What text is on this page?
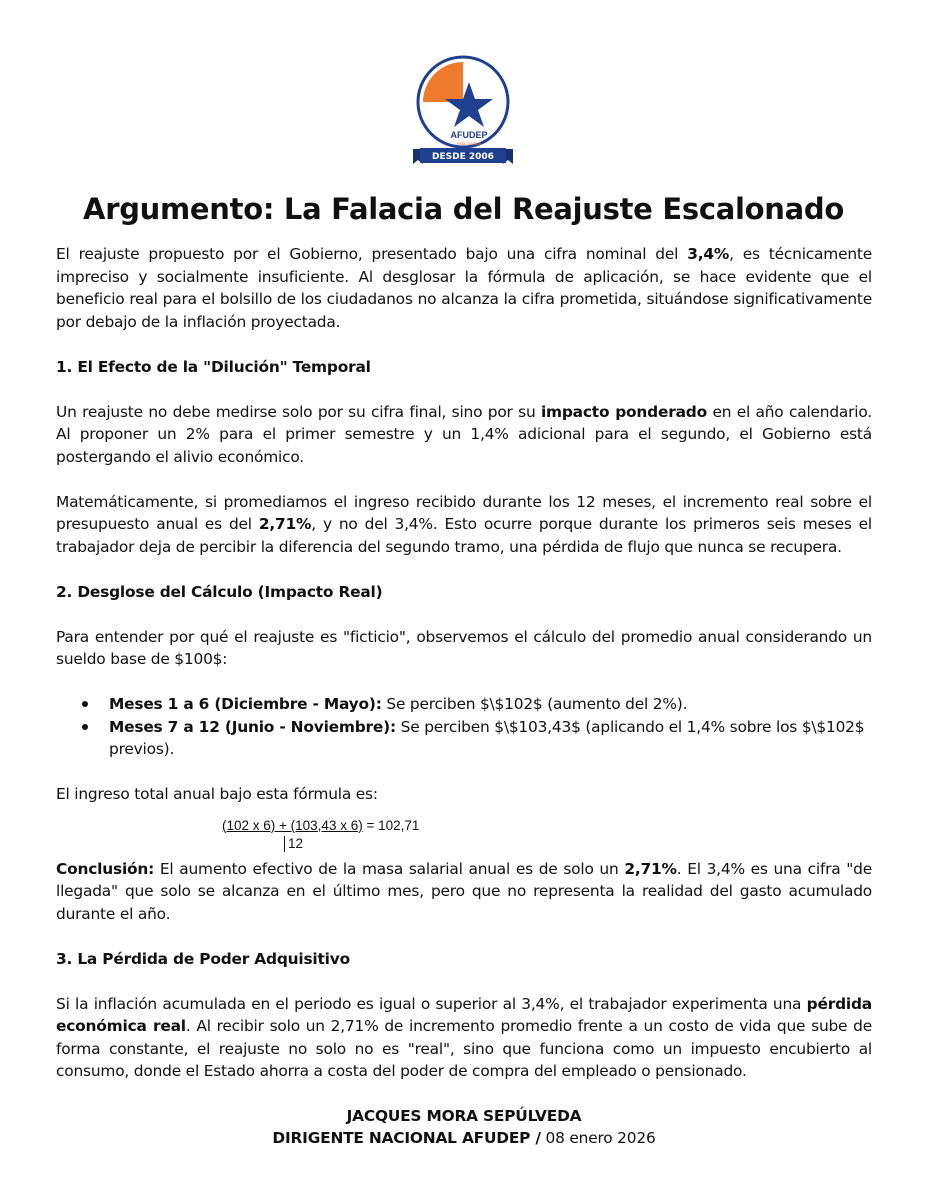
AFUDEP
está contigo
DESDE 2006
Argumento: La Falacia del Reajuste Escalonado

El reajuste propuesto por el Gobierno, presentado bajo una cifra nominal del 3,4%, es técnicamente impreciso y socialmente insuficiente. Al desglosar la fórmula de aplicación, se hace evidente que el beneficio real para el bolsillo de los ciudadanos no alcanza la cifra prometida, situándose significativamente por debajo de la inflación proyectada.

1. El Efecto de la "Dilución" Temporal

Un reajuste no debe medirse solo por su cifra final, sino por su impacto ponderado en el año calendario. Al proponer un 2% para el primer semestre y un 1,4% adicional para el segundo, el Gobierno está postergando el alivio económico.

Matemáticamente, si promediamos el ingreso recibido durante los 12 meses, el incremento real sobre el presupuesto anual es del 2,71%, y no del 3,4%. Esto ocurre porque durante los primeros seis meses el trabajador deja de percibir la diferencia del segundo tramo, una pérdida de flujo que nunca se recupera.

2. Desglose del Cálculo (Impacto Real)

Para entender por qué el reajuste es "ficticio", observemos el cálculo del promedio anual considerando un sueldo base de $100$:

Meses 1 a 6 (Diciembre - Mayo): Se perciben $\$102$ (aumento del 2%).
Meses 7 a 12 (Junio - Noviembre): Se perciben $\$103,43$ (aplicando el 1,4% sobre los $\$102$ previos).

El ingreso total anual bajo esta fórmula es:

(102 x 6) + (103,43 x 6) = 102,71
12

Conclusión: El aumento efectivo de la masa salarial anual es de solo un 2,71%. El 3,4% es una cifra "de llegada" que solo se alcanza en el último mes, pero que no representa la realidad del gasto acumulado durante el año.

3. La Pérdida de Poder Adquisitivo

Si la inflación acumulada en el periodo es igual o superior al 3,4%, el trabajador experimenta una pérdida económica real. Al recibir solo un 2,71% de incremento promedio frente a un costo de vida que sube de forma constante, el reajuste no solo no es "real", sino que funciona como un impuesto encubierto al consumo, donde el Estado ahorra a costa del poder de compra del empleado o pensionado.

JACQUES MORA SEPÚLVEDA
DIRIGENTE NACIONAL AFUDEP / 08 enero 2026
